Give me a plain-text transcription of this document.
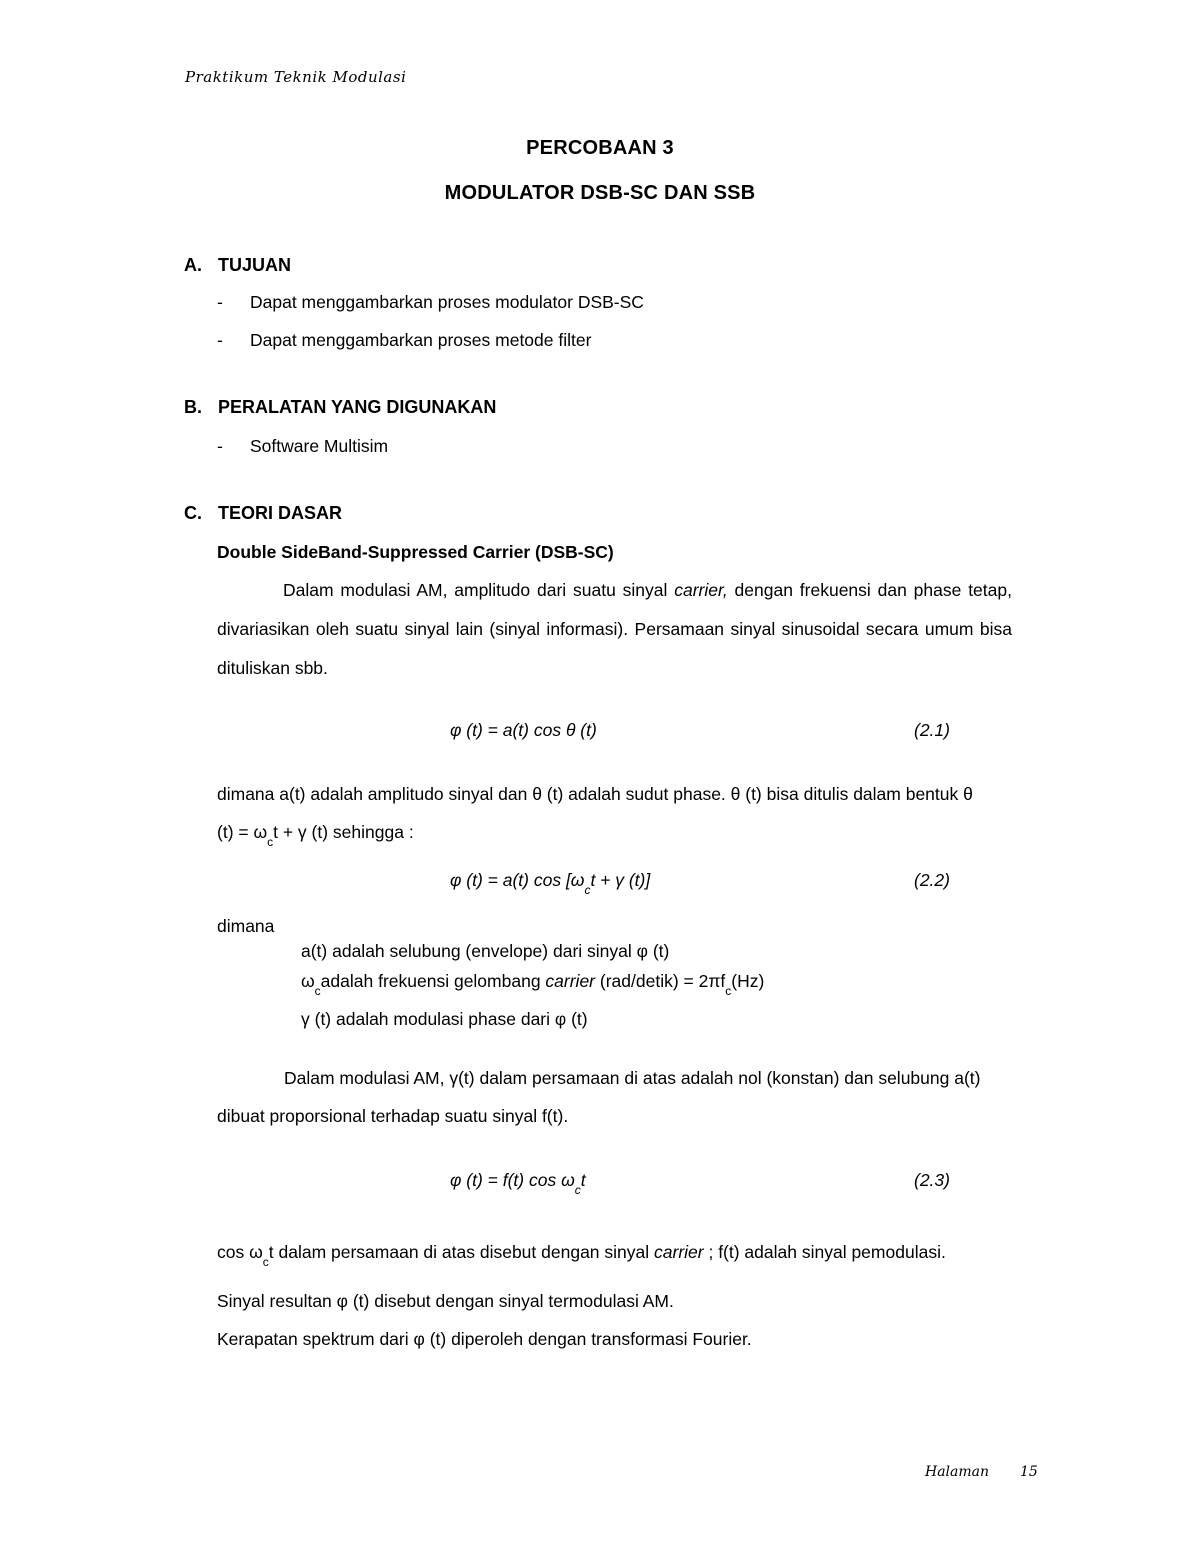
Praktikum Teknik Modulasi
PERCOBAAN 3
MODULATOR DSB-SC DAN SSB
A. TUJUAN
- Dapat menggambarkan proses modulator DSB-SC
- Dapat menggambarkan proses metode filter
B. PERALATAN YANG DIGUNAKAN
- Software Multisim
C. TEORI DASAR
Double SideBand-Suppressed Carrier (DSB-SC)
Dalam modulasi AM, amplitudo dari suatu sinyal carrier, dengan frekuensi dan phase tetap, divariasikan oleh suatu sinyal lain (sinyal informasi). Persamaan sinyal sinusoidal secara umum bisa dituliskan sbb.
φ (t) = a(t) cos θ (t)	(2.1)
dimana a(t) adalah amplitudo sinyal dan θ (t) adalah sudut phase. θ (t) bisa ditulis dalam bentuk θ
$(t) = \omega_ct + \gamma$ (t) sehingga :
φ (t) = a(t) $\cos [\omega_ct + \gamma$ (t)]	(2.2)
dimana
a(t) adalah selubung (envelope) dari sinyal φ (t)
$\omega_cadalah$ frekuensi gelombang carrier (rad/detik) = $2\pi f_c(Hz)$
γ (t) adalah modulasi phase dari φ (t)
Dalam modulasi AM, γ(t) dalam persamaan di atas adalah nol (konstan) dan selubung a(t)
dibuat proporsional terhadap suatu sinyal f(t).
φ (t) = f(t) $\cos \omega_ct$	(2.3)
$\cos \omega_ct$ dalam persamaan di atas disebut dengan sinyal carrier ; f(t) adalah sinyal pemodulasi.
Sinyal resultan φ (t) disebut dengan sinyal termodulasi AM.
Kerapatan spektrum dari φ (t) diperoleh dengan transformasi Fourier.
Halaman 15
